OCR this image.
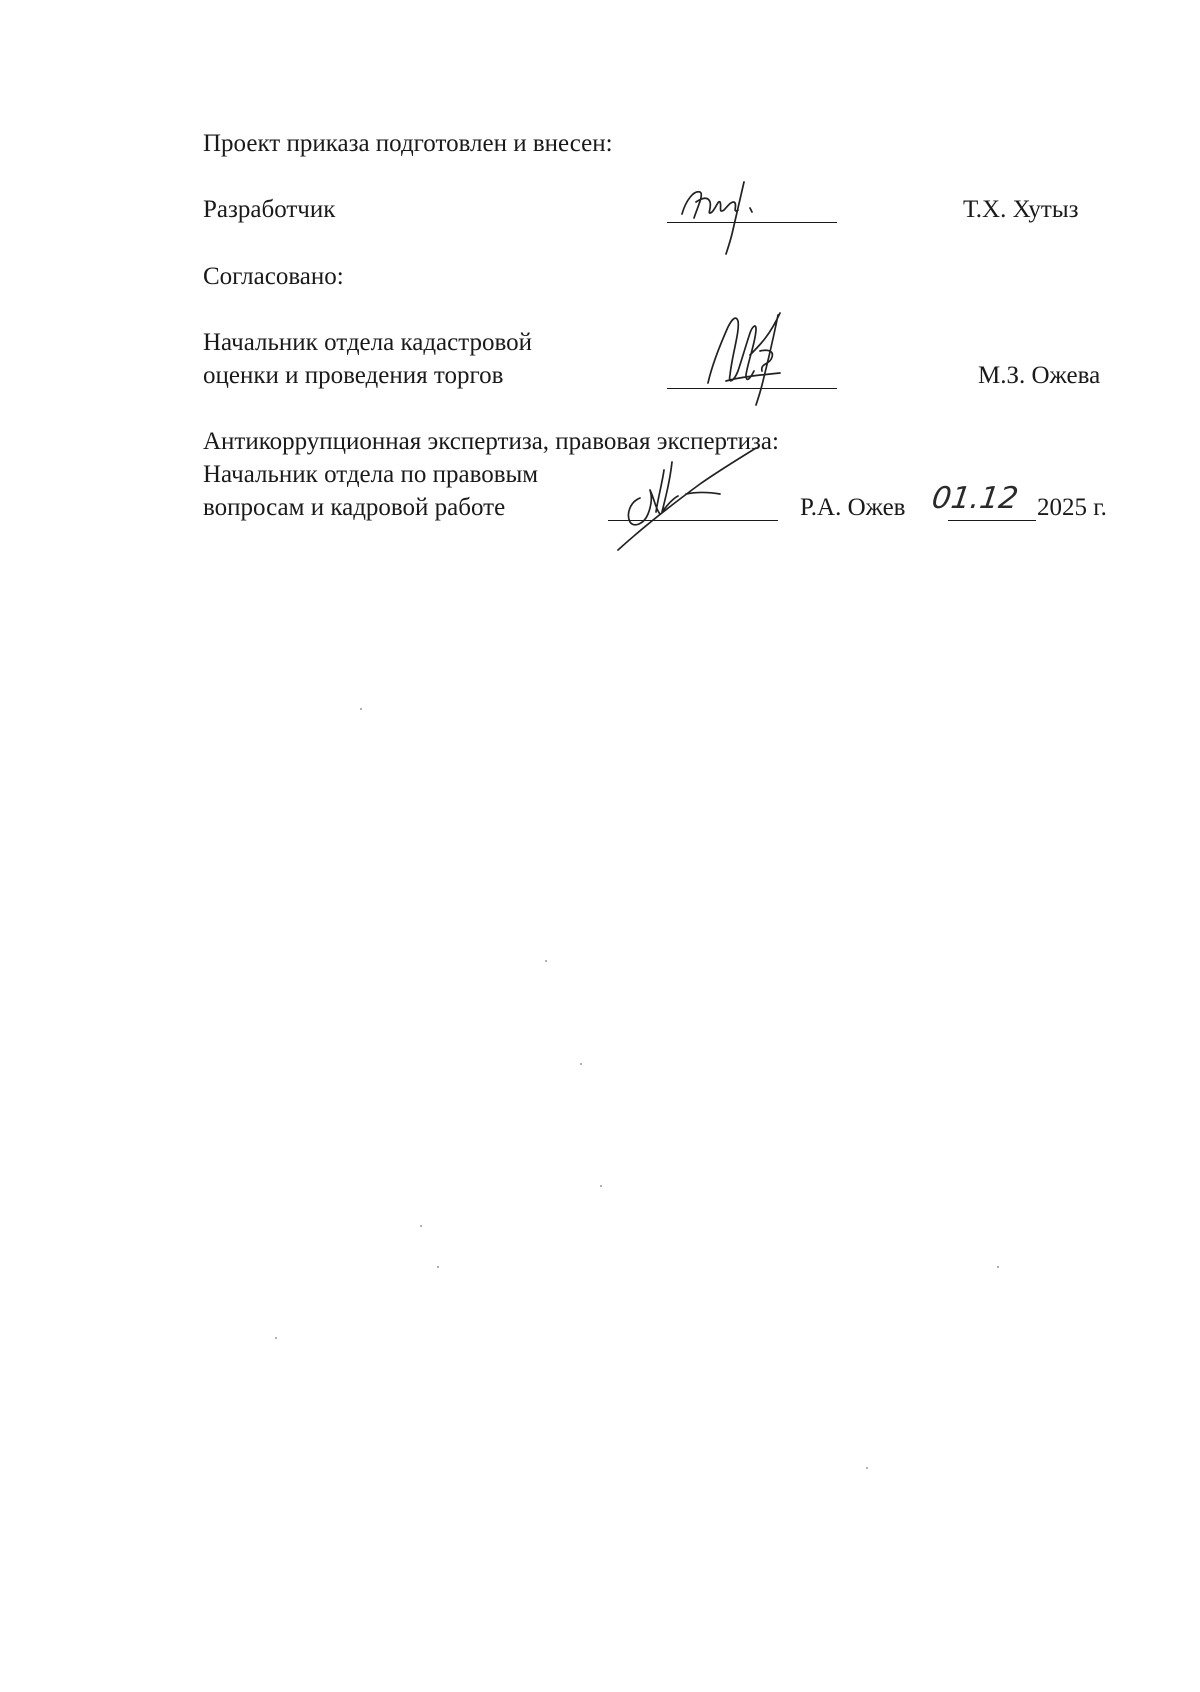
Проект приказа подготовлен и внесен:
Разработчик	Т.Х. Хутыз
Согласовано:
Начальник отдела кадастровой
оценки и проведения торгов	М.З. Ожева
Антикоррупционная экспертиза, правовая экспертиза:
Начальник отдела по правовым
вопросам и кадровой работе	Р.А. Ожев 01.12 2025 г.
